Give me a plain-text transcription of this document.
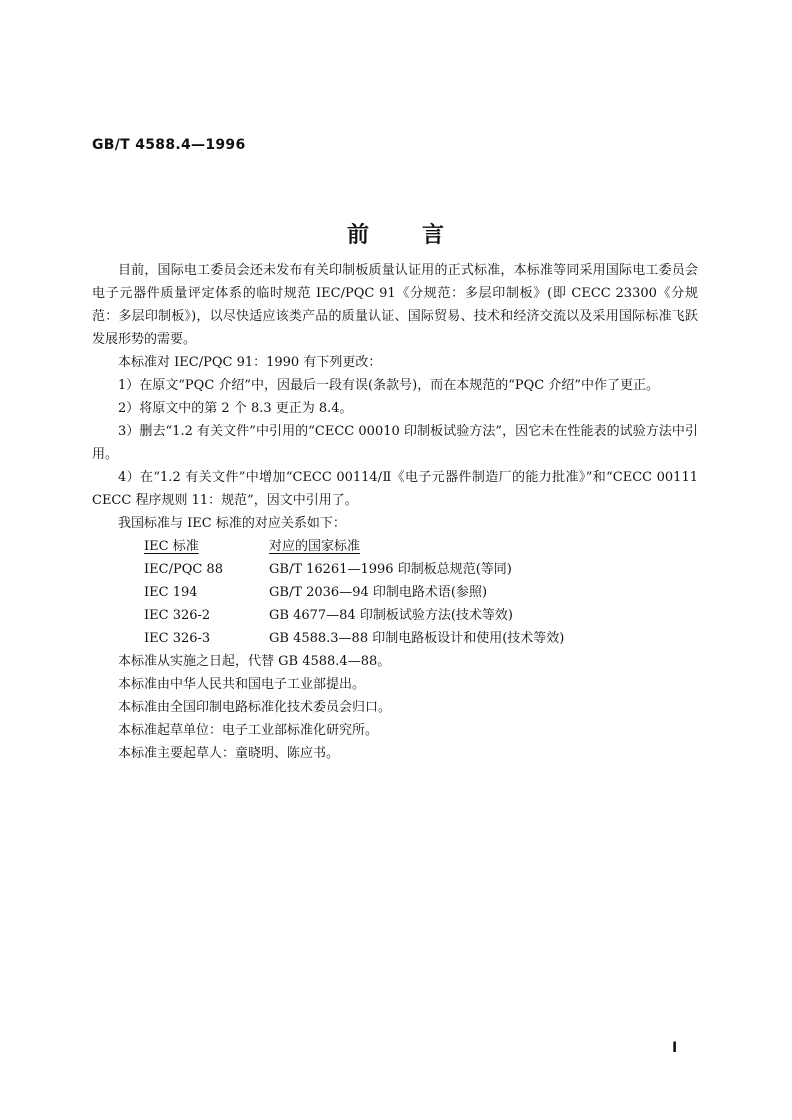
GB/T 4588.4—1996
前 言

目前，国际电工委员会还未发布有关印制板质量认证用的正式标准，本标准等同采用国际电工委员会电子元器件质量评定体系的临时规范 IEC/PQC 91《分规范：多层印制板》(即 CECC 23300《分规范：多层印制板》)，以尽快适应该类产品的质量认证、国际贸易、技术和经济交流以及采用国际标准飞跃发展形势的需要。

本标准对 IEC/PQC 91：1990 有下列更改：

1）在原文“PQC 介绍”中，因最后一段有误(条款号)，而在本规范的“PQC 介绍”中作了更正。

2）将原文中的第 2 个 8.3 更正为 8.4。

3）删去“1.2 有关文件”中引用的“CECC 00010 印制板试验方法”，因它未在性能表的试验方法中引用。

4）在“1.2 有关文件”中增加“CECC 00114/Ⅱ《电子元器件制造厂的能力批准》”和“CECC 00111 CECC 程序规则 11：规范”，因文中引用了。

我国标准与 IEC 标准的对应关系如下：

IEC 标准	对应的国家标准
IEC/PQC 88	GB/T 16261—1996 印制板总规范(等同)
IEC 194	GB/T 2036—94 印制电路术语(参照)
IEC 326-2	GB 4677—84 印制板试验方法(技术等效)
IEC 326-3	GB 4588.3—88 印制电路板设计和使用(技术等效)

本标准从实施之日起，代替 GB 4588.4—88。

本标准由中华人民共和国电子工业部提出。

本标准由全国印制电路标准化技术委员会归口。

本标准起草单位：电子工业部标准化研究所。

本标准主要起草人：童晓明、陈应书。

I
